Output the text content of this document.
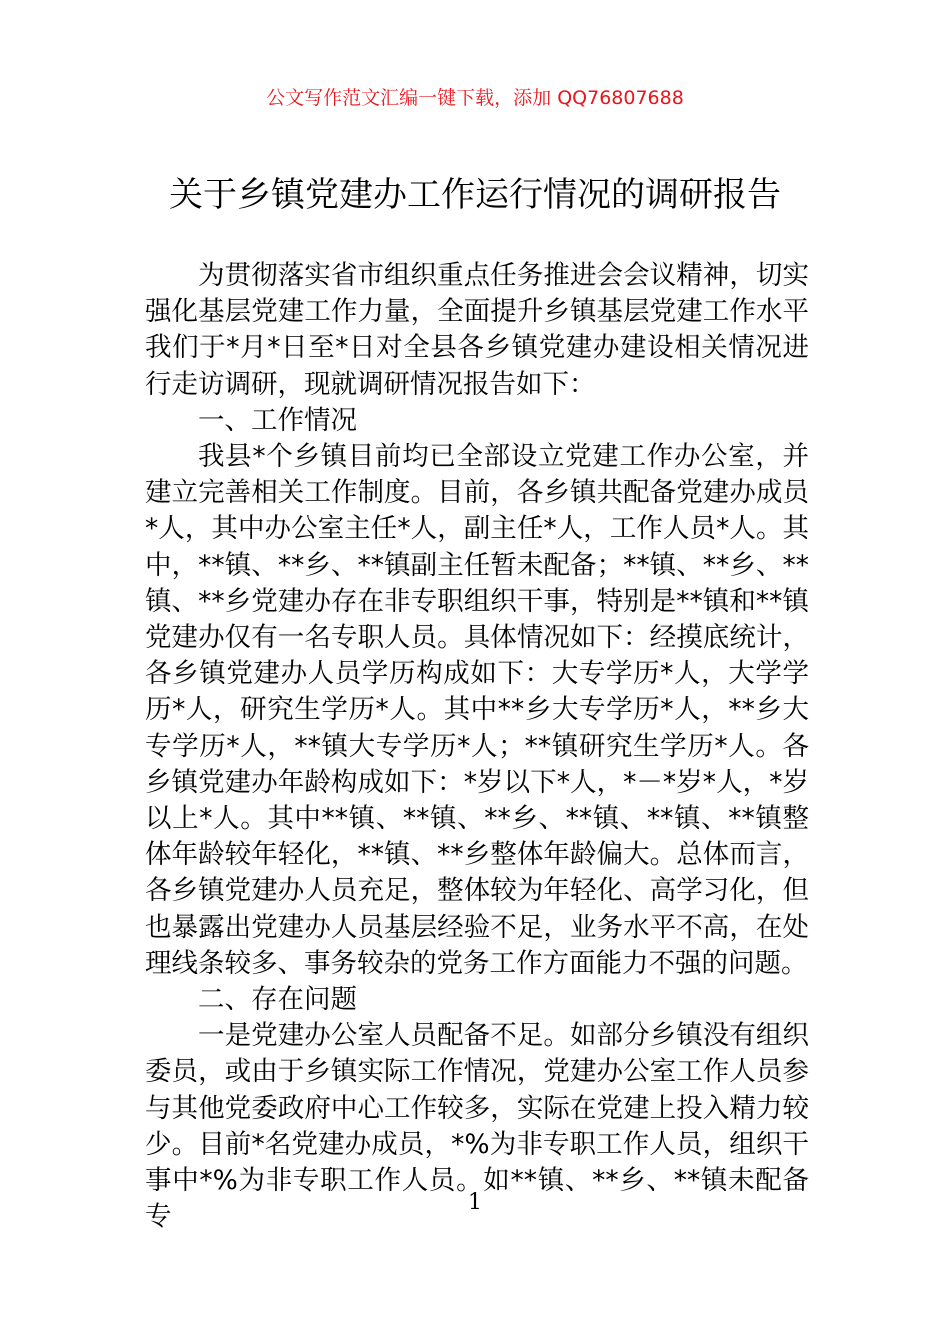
公文写作范文汇编一键下载，添加 QQ76807688
关于乡镇党建办工作运行情况的调研报告

为贯彻落实省市组织重点任务推进会会议精神，切实强化基层党建工作力量，全面提升乡镇基层党建工作水平我们于*月*日至*日对全县各乡镇党建办建设相关情况进行走访调研，现就调研情况报告如下：

一、工作情况

我县*个乡镇目前均已全部设立党建工作办公室，并建立完善相关工作制度。目前，各乡镇共配备党建办成员*人，其中办公室主任*人，副主任*人，工作人员*人。其中，**镇、**乡、**镇副主任暂未配备；**镇、**乡、**镇、**乡党建办存在非专职组织干事，特别是**镇和**镇党建办仅有一名专职人员。具体情况如下：经摸底统计，各乡镇党建办人员学历构成如下：大专学历*人，大学学历*人，研究生学历*人。其中**乡大专学历*人，**乡大专学历*人，**镇大专学历*人；**镇研究生学历*人。各乡镇党建办年龄构成如下：*岁以下*人，*－*岁*人，*岁以上*人。其中**镇、**镇、**乡、**镇、**镇、**镇整体年龄较年轻化，**镇、**乡整体年龄偏大。总体而言，各乡镇党建办人员充足，整体较为年轻化、高学习化，但也暴露出党建办人员基层经验不足，业务水平不高，在处理线条较多、事务较杂的党务工作方面能力不强的问题。

二、存在问题

一是党建办公室人员配备不足。如部分乡镇没有组织委员，或由于乡镇实际工作情况，党建办公室工作人员参与其他党委政府中心工作较多，实际在党建上投入精力较少。目前*名党建办成员，*%为非专职工作人员，组织干事中*%为非专职工作人员。如**镇、**乡、**镇未配备专	1
